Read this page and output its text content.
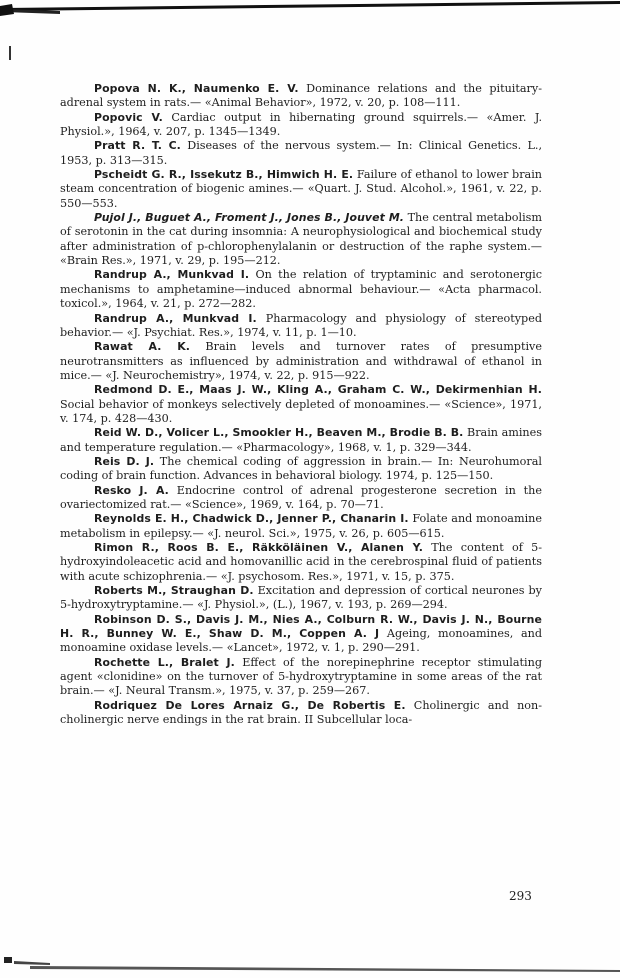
Popova N. K., Naumenko E. V. Dominance relations and the pituitary-adrenal system in rats.— «Animal Behavior», 1972, v. 20, p. 108—111.

Popovic V. Cardiac output in hibernating ground squirrels.— «Amer. J. Physiol.», 1964, v. 207, p. 1345—1349.

Pratt R. T. C. Diseases of the nervous system.— In: Clinical Genetics. L., 1953, p. 313—315.

Pscheidt G. R., Issekutz B., Himwich H. E. Failure of ethanol to lower brain steam concentration of biogenic amines.— «Quart. J. Stud. Alcohol.», 1961, v. 22, p. 550—553.

Pujol J., Buguet A., Froment J., Jones B., Jouvet M. The central metabolism of serotonin in the cat during insomnia: A neurophysiological and biochemical study after administration of p-chlorophenylalanin or destruction of the raphe system.— «Brain Res.», 1971, v. 29, p. 195—212.

Randrup A., Munkvad I. On the relation of tryptaminic and serotonergic mechanisms to amphetamine—induced abnormal behaviour.— «Acta pharmacol. toxicol.», 1964, v. 21, p. 272—282.

Randrup A., Munkvad I. Pharmacology and physiology of stereotyped behavior.— «J. Psychiat. Res.», 1974, v. 11, p. 1—10.

Rawat A. K. Brain levels and turnover rates of presumptive neurotransmitters as influenced by administration and withdrawal of ethanol in mice.— «J. Neurochemistry», 1974, v. 22, p. 915—922.

Redmond D. E., Maas J. W., Kling A., Graham C. W., Dekirmenhian H. Social behavior of monkeys selectively depleted of monoamines.— «Science», 1971, v. 174, p. 428—430.

Reid W. D., Volicer L., Smookler H., Beaven M., Brodie B. B. Brain amines and temperature regulation.— «Pharmacology», 1968, v. 1, p. 329—344.

Reis D. J. The chemical coding of aggression in brain.— In: Neurohumoral coding of brain function. Advances in behavioral biology. 1974, p. 125—150.

Resko J. A. Endocrine control of adrenal progesterone secretion in the ovariectomized rat.— «Science», 1969, v. 164, p. 70—71.

Reynolds E. H., Chadwick D., Jenner P., Chanarin I. Folate and monoamine metabolism in epilepsy.— «J. neurol. Sci.», 1975, v. 26, p. 605—615.

Rimon R., Roos B. E., Räkköläinen V., Alanen Y. The content of 5-hydroxyindoleacetic acid and homovanillic acid in the cerebrospinal fluid of patients with acute schizophrenia.— «J. psychosom. Res.», 1971, v. 15, p. 375.

Roberts M., Straughan D. Excitation and depression of cortical neurones by 5-hydroxytryptamine.— «J. Physiol.», (L.), 1967, v. 193, p. 269—294.

Robinson D. S., Davis J. M., Nies A., Colburn R. W., Davis J. N., Bourne H. R., Bunney W. E., Shaw D. M., Coppen A. J Ageing, monoamines, and monoamine oxidase levels.— «Lancet», 1972, v. 1, p. 290—291.

Rochette L., Bralet J. Effect of the norepinephrine receptor stimulating agent «clonidine» on the turnover of 5-hydroxytryptamine in some areas of the rat brain.— «J. Neural Transm.», 1975, v. 37, p. 259—267.

Rodriquez De Lores Arnaiz G., De Robertis E. Cholinergic and non-cholinergic nerve endings in the rat brain. II Subcellular loca-

293
